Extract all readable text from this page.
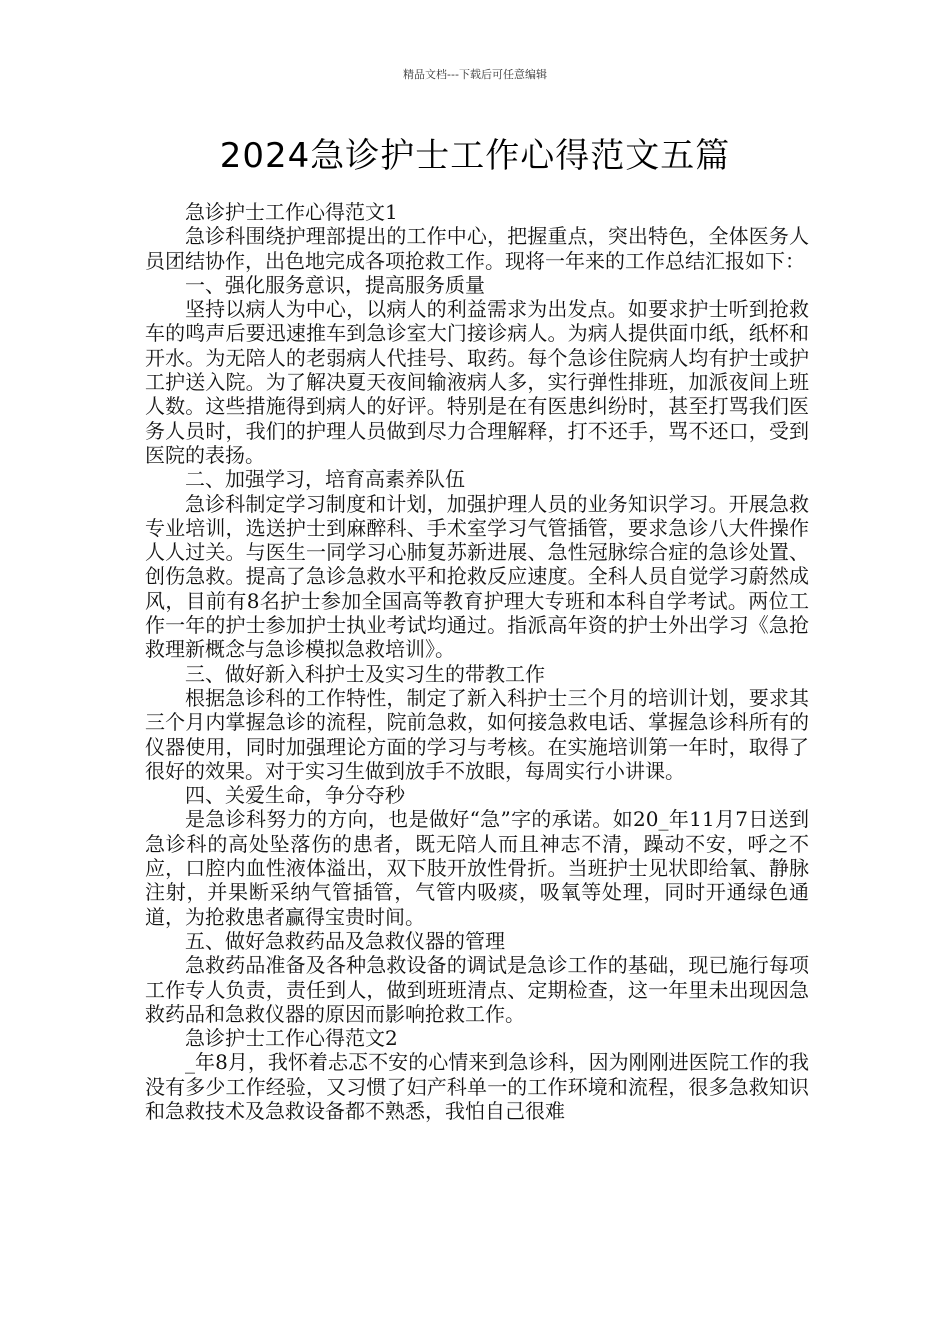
精品文档---下载后可任意编辑
2024急诊护士工作心得范文五篇

急诊护士工作心得范文1

急诊科围绕护理部提出的工作中心，把握重点，突出特色，全体医务人员团结协作，出色地完成各项抢救工作。现将一年来的工作总结汇报如下：

一、强化服务意识，提高服务质量

坚持以病人为中心，以病人的利益需求为出发点。如要求护士听到抢救车的鸣声后要迅速推车到急诊室大门接诊病人。为病人提供面巾纸，纸杯和开水。为无陪人的老弱病人代挂号、取药。每个急诊住院病人均有护士或护工护送入院。为了解决夏天夜间输液病人多，实行弹性排班，加派夜间上班人数。这些措施得到病人的好评。特别是在有医患纠纷时，甚至打骂我们医务人员时，我们的护理人员做到尽力合理解释，打不还手，骂不还口，受到医院的表扬。

二、加强学习，培育高素养队伍

急诊科制定学习制度和计划，加强护理人员的业务知识学习。开展急救专业培训，选送护士到麻醉科、手术室学习气管插管，要求急诊八大件操作人人过关。与医生一同学习心肺复苏新进展、急性冠脉综合症的急诊处置、创伤急救。提高了急诊急救水平和抢救反应速度。全科人员自觉学习蔚然成风，目前有8名护士参加全国高等教育护理大专班和本科自学考试。两位工作一年的护士参加护士执业考试均通过。指派高年资的护士外出学习《急抢救理新概念与急诊模拟急救培训》。

三、做好新入科护士及实习生的带教工作

根据急诊科的工作特性，制定了新入科护士三个月的培训计划，要求其三个月内掌握急诊的流程，院前急救，如何接急救电话、掌握急诊科所有的仪器使用，同时加强理论方面的学习与考核。在实施培训第一年时，取得了很好的效果。对于实习生做到放手不放眼，每周实行小讲课。

四、关爱生命，争分夺秒

是急诊科努力的方向，也是做好“急”字的承诺。如20_年11月7日送到急诊科的高处坠落伤的患者，既无陪人而且神志不清，躁动不安，呼之不应，口腔内血性液体溢出，双下肢开放性骨折。当班护士见状即给氧、静脉注射，并果断采纳气管插管，气管内吸痰，吸氧等处理，同时开通绿色通道，为抢救患者赢得宝贵时间。

五、做好急救药品及急救仪器的管理

急救药品准备及各种急救设备的调试是急诊工作的基础，现已施行每项工作专人负责，责任到人，做到班班清点、定期检查，这一年里未出现因急救药品和急救仪器的原因而影响抢救工作。

急诊护士工作心得范文2

_年8月，我怀着忐忑不安的心情来到急诊科，因为刚刚进医院工作的我没有多少工作经验，又习惯了妇产科单一的工作环境和流程，很多急救知识和急救技术及急救设备都不熟悉，我怕自己很难
